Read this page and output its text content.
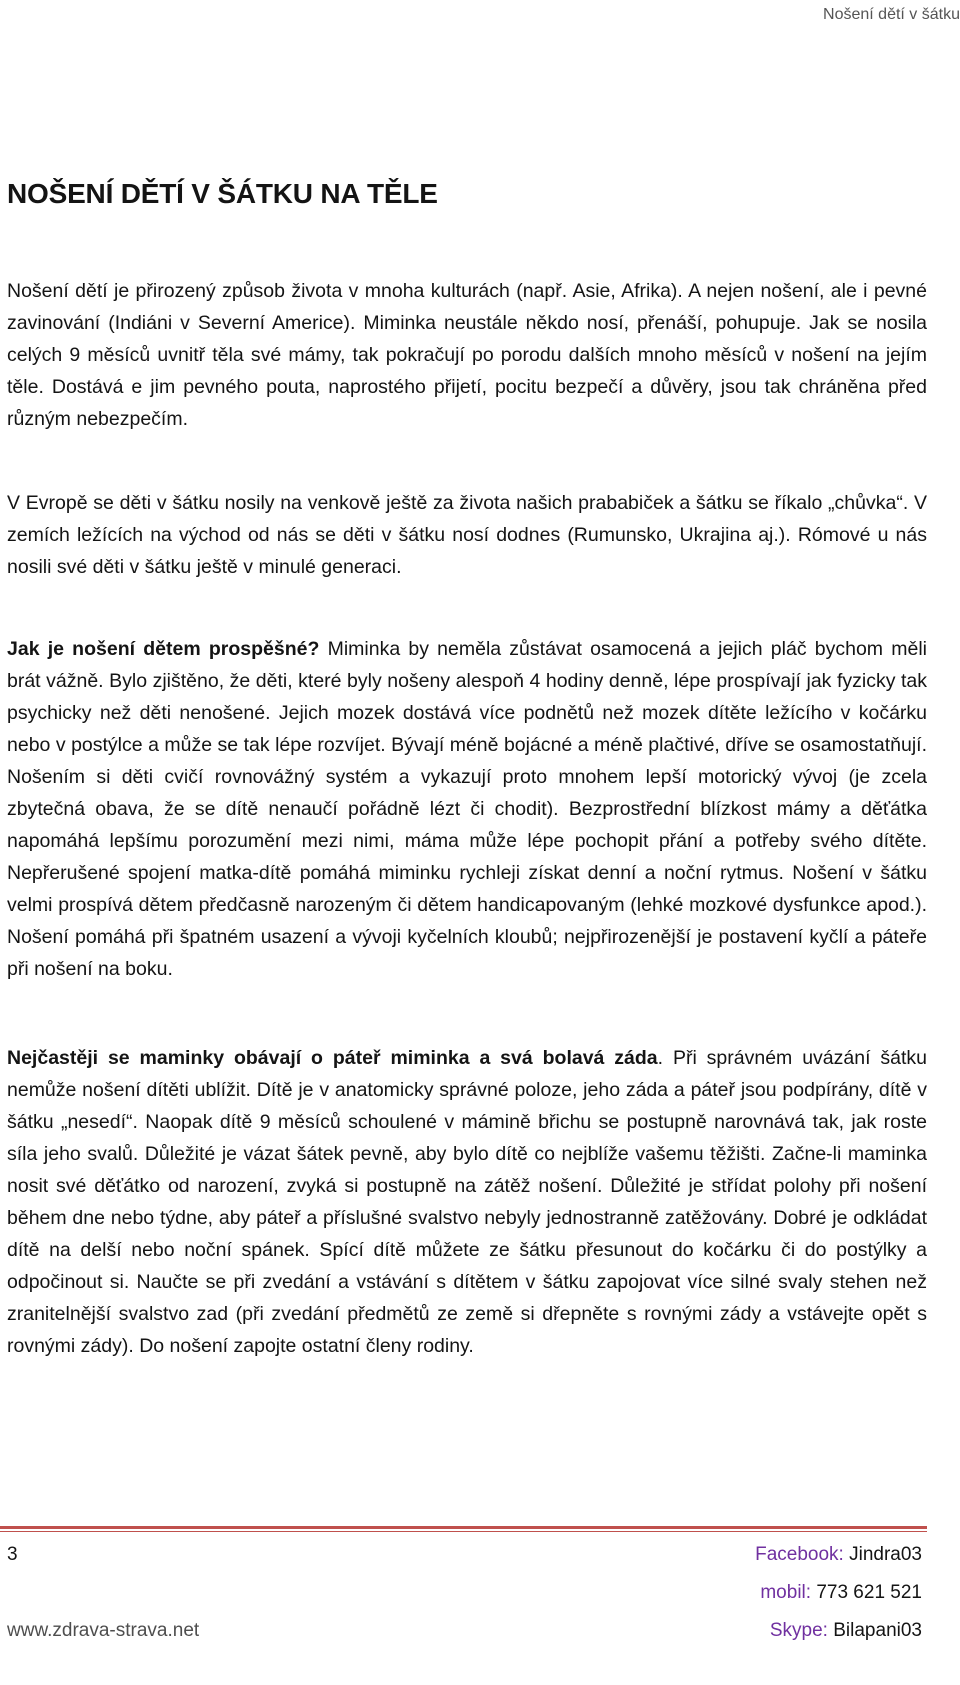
Nošení dětí v šátku
NOŠENÍ DĚTÍ V ŠÁTKU NA TĚLE

Nošení dětí je přirozený způsob života v mnoha kulturách (např. Asie, Afrika). A nejen nošení, ale i pevné zavinování (Indiáni v Severní Americe). Miminka neustále někdo nosí, přenáší, pohupuje. Jak se nosila celých 9 měsíců uvnitř těla své mámy, tak pokračují po porodu dalších mnoho měsíců v nošení na jejím těle. Dostává e jim pevného pouta, naprostého přijetí, pocitu bezpečí a důvěry, jsou tak chráněna před různým nebezpečím.

V Evropě se děti v šátku nosily na venkově ještě za života našich prababiček a šátku se říkalo „chůvka“. V zemích ležících na východ od nás se děti v šátku nosí dodnes (Rumunsko, Ukrajina aj.). Rómové u nás nosili své děti v šátku ještě v minulé generaci.

Jak je nošení dětem prospěšné? Miminka by neměla zůstávat osamocená a jejich pláč bychom měli brát vážně. Bylo zjištěno, že děti, které byly nošeny alespoň 4 hodiny denně, lépe prospívají jak fyzicky tak psychicky než děti nenošené. Jejich mozek dostává více podnětů než mozek dítěte ležícího v kočárku nebo v postýlce a může se tak lépe rozvíjet. Bývají méně bojácné a méně plačtivé, dříve se osamostatňují. Nošením si děti cvičí rovnovážný systém a vykazují proto mnohem lepší motorický vývoj (je zcela zbytečná obava, že se dítě nenaučí pořádně lézt či chodit). Bezprostřední blízkost mámy a děťátka napomáhá lepšímu porozumění mezi nimi, máma může lépe pochopit přání a potřeby svého dítěte. Nepřerušené spojení matka-dítě pomáhá miminku rychleji získat denní a noční rytmus. Nošení v šátku velmi prospívá dětem předčasně narozeným či dětem handicapovaným (lehké mozkové dysfunkce apod.). Nošení pomáhá při špatném usazení a vývoji kyčelních kloubů; nejpřirozenější je postavení kyčlí a páteře při nošení na boku.

Nejčastěji se maminky obávají o páteř miminka a svá bolavá záda. Při správném uvázání šátku nemůže nošení dítěti ublížit. Dítě je v anatomicky správné poloze, jeho záda a páteř jsou podpírány, dítě v šátku „nesedí“. Naopak dítě 9 měsíců schoulené v mámině břichu se postupně narovnává tak, jak roste síla jeho svalů. Důležité je vázat šátek pevně, aby bylo dítě co nejblíže vašemu těžišti. Začne-li maminka nosit své děťátko od narození, zvyká si postupně na zátěž nošení. Důležité je střídat polohy při nošení během dne nebo týdne, aby páteř a příslušné svalstvo nebyly jednostranně zatěžovány. Dobré je odkládat dítě na delší nebo noční spánek. Spící dítě můžete ze šátku přesunout do kočárku či do postýlky a odpočinout si. Naučte se při zvedání a vstávání s dítětem v šátku zapojovat více silné svaly stehen než zranitelnější svalstvo zad (při zvedání předmětů ze země si dřepněte s rovnými zády a vstávejte opět s rovnými zády). Do nošení zapojte ostatní členy rodiny.

3
www.zdrava-strava.net
Facebook: Jindra03
mobil: 773 621 521
Skype: Bilapani03
